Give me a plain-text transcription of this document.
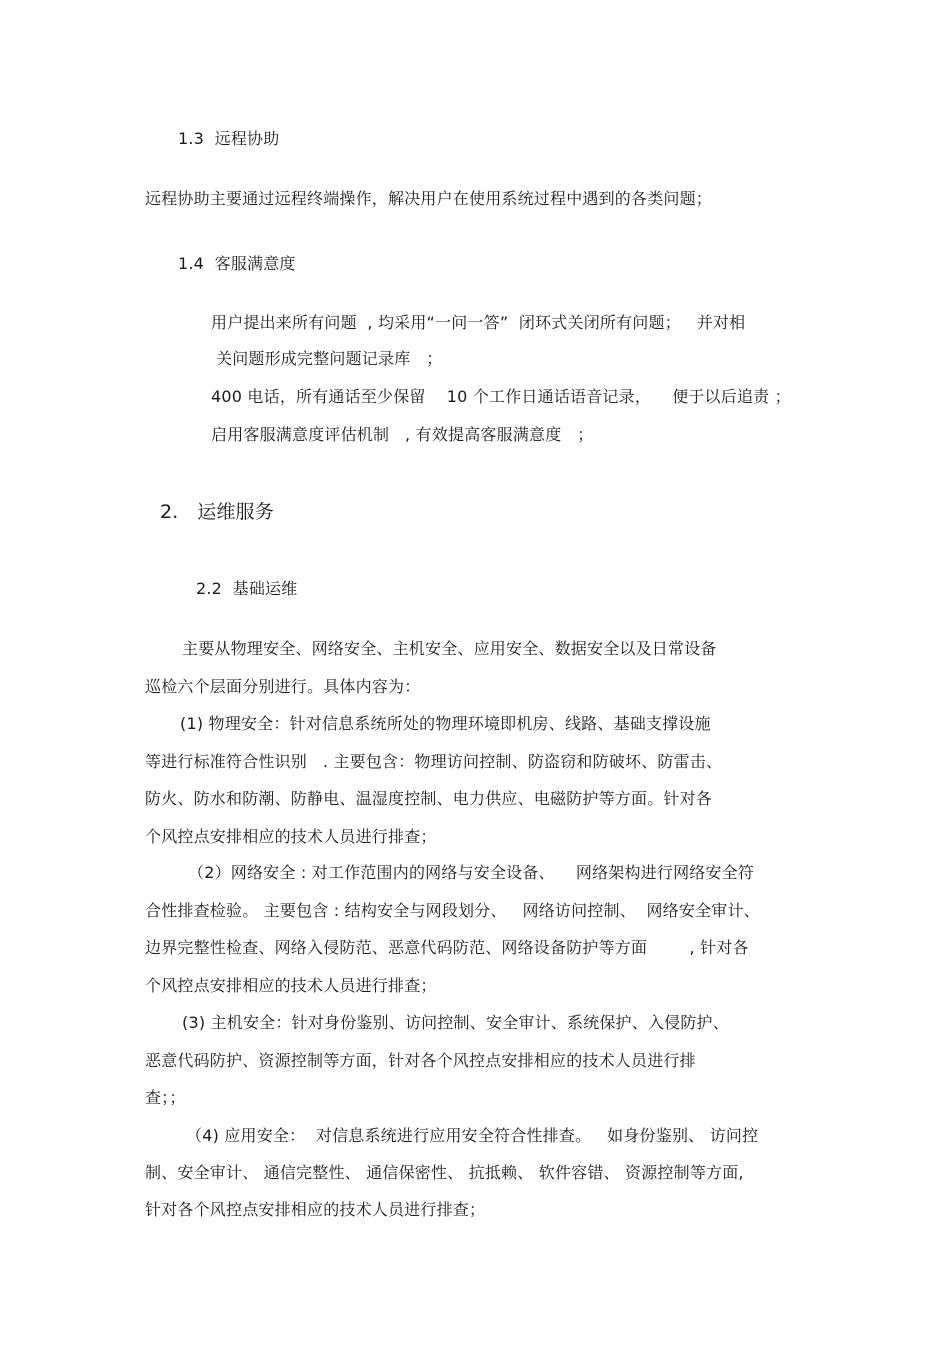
1.3  远程协助
远程协助主要通过远程终端操作，解决用户在使用系统过程中遇到的各类问题；
1.4  客服满意度
用户提出来所有问题  , 均采用“一问一答”  闭环式关闭所有问题；   并对相
关问题形成完整问题记录库   ；
400 电话，所有通话至少保留    10 个工作日通话语音记录，    便于以后追责 ；
启用客服满意度评估机制   , 有效提高客服满意度   ；
2.   运维服务
2.2  基础运维
主要从物理安全、网络安全、主机安全、应用安全、数据安全以及日常设备
巡检六个层面分别进行。具体内容为：
(1) 物理安全：针对信息系统所处的物理环境即机房、线路、基础支撑设施
等进行标准符合性识别   . 主要包含：物理访问控制、防盗窃和防破坏、防雷击、
防火、防水和防潮、防静电、温湿度控制、电力供应、电磁防护等方面。针对各
个风控点安排相应的技术人员进行排查；
（2）网络安全 : 对工作范围内的网络与安全设备、    网络架构进行网络安全符
合性排查检验。 主要包含 : 结构安全与网段划分、   网络访问控制、  网络安全审计、
边界完整性检查、网络入侵防范、恶意代码防范、网络设备防护等方面        , 针对各
个风控点安排相应的技术人员进行排查；
(3) 主机安全：针对身份鉴别、访问控制、安全审计、系统保护、入侵防护、
恶意代码防护、资源控制等方面，针对各个风控点安排相应的技术人员进行排
查；；
（4) 应用安全：  对信息系统进行应用安全符合性排查。   如身份鉴别、 访问控
制、安全审计、 通信完整性、 通信保密性、 抗抵赖、 软件容错、 资源控制等方面,
针对各个风控点安排相应的技术人员进行排查；
